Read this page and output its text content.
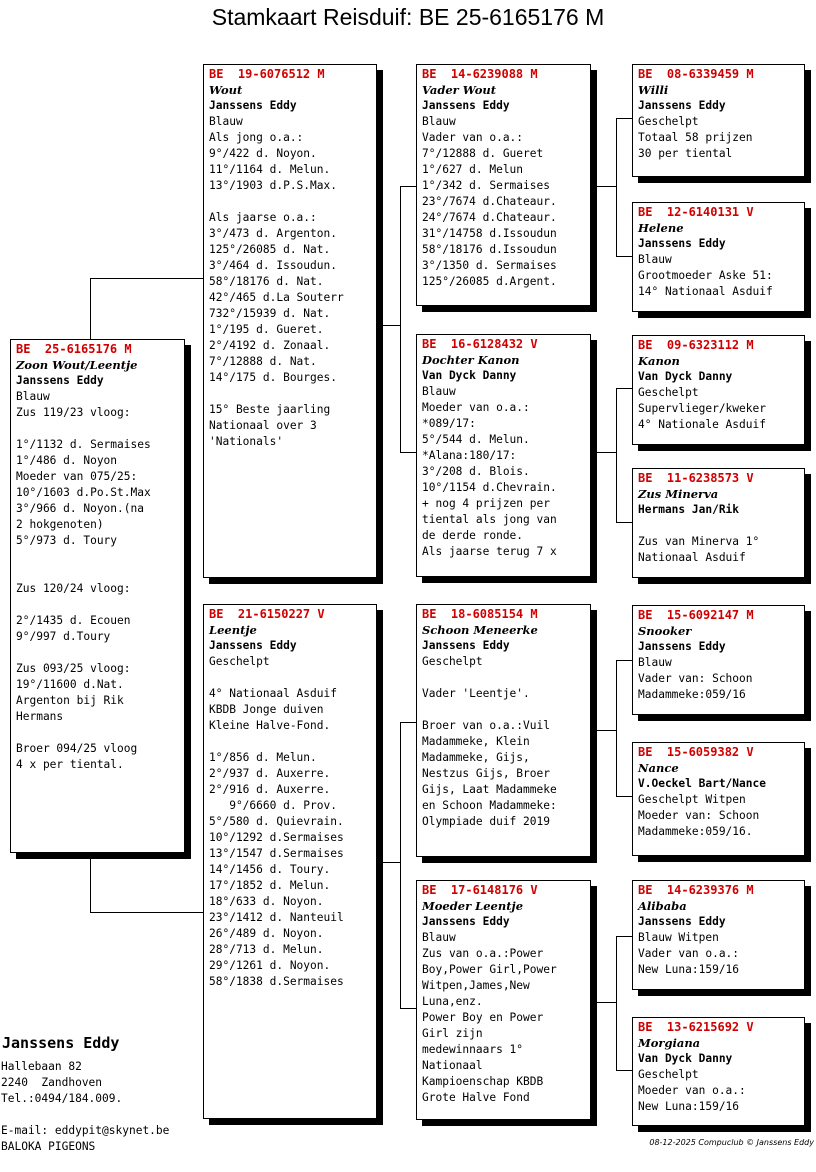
Stamkaart Reisduif: BE 25-6165176 M
BE  25-6165176 M
Zoon Wout/Leentje
Janssens Eddy
Blauw
Zus 119/23 vloog:
1°/1132 d. Sermaises
1°/486 d. Noyon
Moeder van 075/25:
10°/1603 d.Po.St.Max
3°/966 d. Noyon.(na
2 hokgenoten)
5°/973 d. Toury
Zus 120/24 vloog:
2°/1435 d. Ecouen
9°/997 d.Toury
Zus 093/25 vloog:
19°/11600 d.Nat.
Argenton bij Rik
Hermans
Broer 094/25 vloog
4 x per tiental.
BE  19-6076512 M
Wout
Janssens Eddy
Blauw
Als jong o.a.:
9°/422 d. Noyon.
11°/1164 d. Melun.
13°/1903 d.P.S.Max.
Als jaarse o.a.:
3°/473 d. Argenton.
125°/26085 d. Nat.
3°/464 d. Issoudun.
58°/18176 d. Nat.
42°/465 d.La Souterr
732°/15939 d. Nat.
1°/195 d. Gueret.
2°/4192 d. Zonaal.
7°/12888 d. Nat.
14°/175 d. Bourges.
15° Beste jaarling
Nationaal over 3
'Nationals'
BE  21-6150227 V
Leentje
Janssens Eddy
Geschelpt
4° Nationaal Asduif
KBDB Jonge duiven
Kleine Halve-Fond.
1°/856 d. Melun.
2°/937 d. Auxerre.
2°/916 d. Auxerre.
9°/6660 d. Prov.
5°/580 d. Quievrain.
10°/1292 d.Sermaises
13°/1547 d.Sermaises
14°/1456 d. Toury.
17°/1852 d. Melun.
18°/633 d. Noyon.
23°/1412 d. Nanteuil
26°/489 d. Noyon.
28°/713 d. Melun.
29°/1261 d. Noyon.
58°/1838 d.Sermaises
BE  14-6239088 M
Vader Wout
Janssens Eddy
Blauw
Vader van o.a.:
7°/12888 d. Gueret
1°/627 d. Melun
1°/342 d. Sermaises
23°/7674 d.Chateaur.
24°/7674 d.Chateaur.
31°/14758 d.Issoudun
58°/18176 d.Issoudun
3°/1350 d. Sermaises
125°/26085 d.Argent.
BE  16-6128432 V
Dochter Kanon
Van Dyck Danny
Blauw
Moeder van o.a.:
*089/17:
5°/544 d. Melun.
*Alana:180/17:
3°/208 d. Blois.
10°/1154 d.Chevrain.
+ nog 4 prijzen per
tiental als jong van
de derde ronde.
Als jaarse terug 7 x
BE  18-6085154 M
Schoon Meneerke
Janssens Eddy
Geschelpt
Vader 'Leentje'.
Broer van o.a.:Vuil
Madammeke, Klein
Madammeke, Gijs,
Nestzus Gijs, Broer
Gijs, Laat Madammeke
en Schoon Madammeke:
Olympiade duif 2019
BE  17-6148176 V
Moeder Leentje
Janssens Eddy
Blauw
Zus van o.a.:Power
Boy,Power Girl,Power
Witpen,James,New
Luna,enz.
Power Boy en Power
Girl zijn
medewinnaars 1°
Nationaal
Kampioenschap KBDB
Grote Halve Fond
BE  08-6339459 M
Willi
Janssens Eddy
Geschelpt
Totaal 58 prijzen
30 per tiental
BE  12-6140131 V
Helene
Janssens Eddy
Blauw
Grootmoeder Aske 51:
14° Nationaal Asduif
BE  09-6323112 M
Kanon
Van Dyck Danny
Geschelpt
Supervlieger/kweker
4° Nationale Asduif
BE  11-6238573 V
Zus Minerva
Hermans Jan/Rik
Zus van Minerva 1°
Nationaal Asduif
BE  15-6092147 M
Snooker
Janssens Eddy
Blauw
Vader van: Schoon
Madammeke:059/16
BE  15-6059382 V
Nance
V.Oeckel Bart/Nance
Geschelpt Witpen
Moeder van: Schoon
Madammeke:059/16.
BE  14-6239376 M
Alibaba
Janssens Eddy
Blauw Witpen
Vader van o.a.:
New Luna:159/16
BE  13-6215692 V
Morgiana
Van Dyck Danny
Geschelpt
Moeder van o.a.:
New Luna:159/16
Janssens Eddy
Hallebaan 82
2240  Zandhoven
Tel.:0494/184.009.
E-mail: eddypit@skynet.be
BALOKA PIGEONS	08-12-2025 Compuclub © Janssens Eddy
